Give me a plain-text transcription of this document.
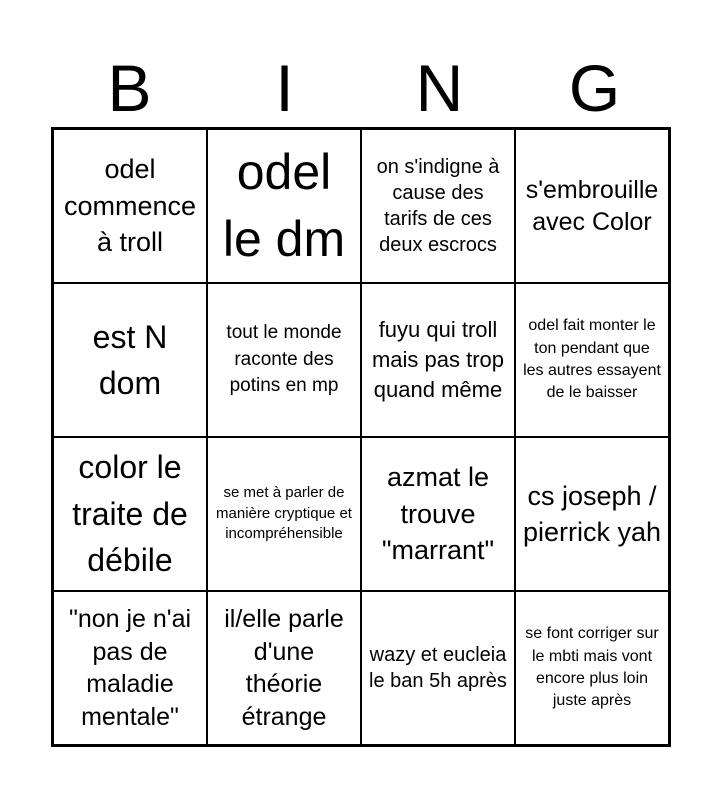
B	I	N	G
odel commence à troll
odel le dm
on s'indigne à cause des tarifs de ces deux escrocs
s'embrouille avec Color
est N dom
tout le monde raconte des potins en mp
fuyu qui troll mais pas trop quand même
odel fait monter le ton pendant que les autres essayent de le baisser
color le traite de débile
se met à parler de manière cryptique et incompréhensible
azmat le trouve "marrant"
cs joseph / pierrick yah
"non je n'ai pas de maladie mentale"
il/elle parle d'une théorie étrange
wazy et eucleia le ban 5h après
se font corriger sur le mbti mais vont encore plus loin juste après
